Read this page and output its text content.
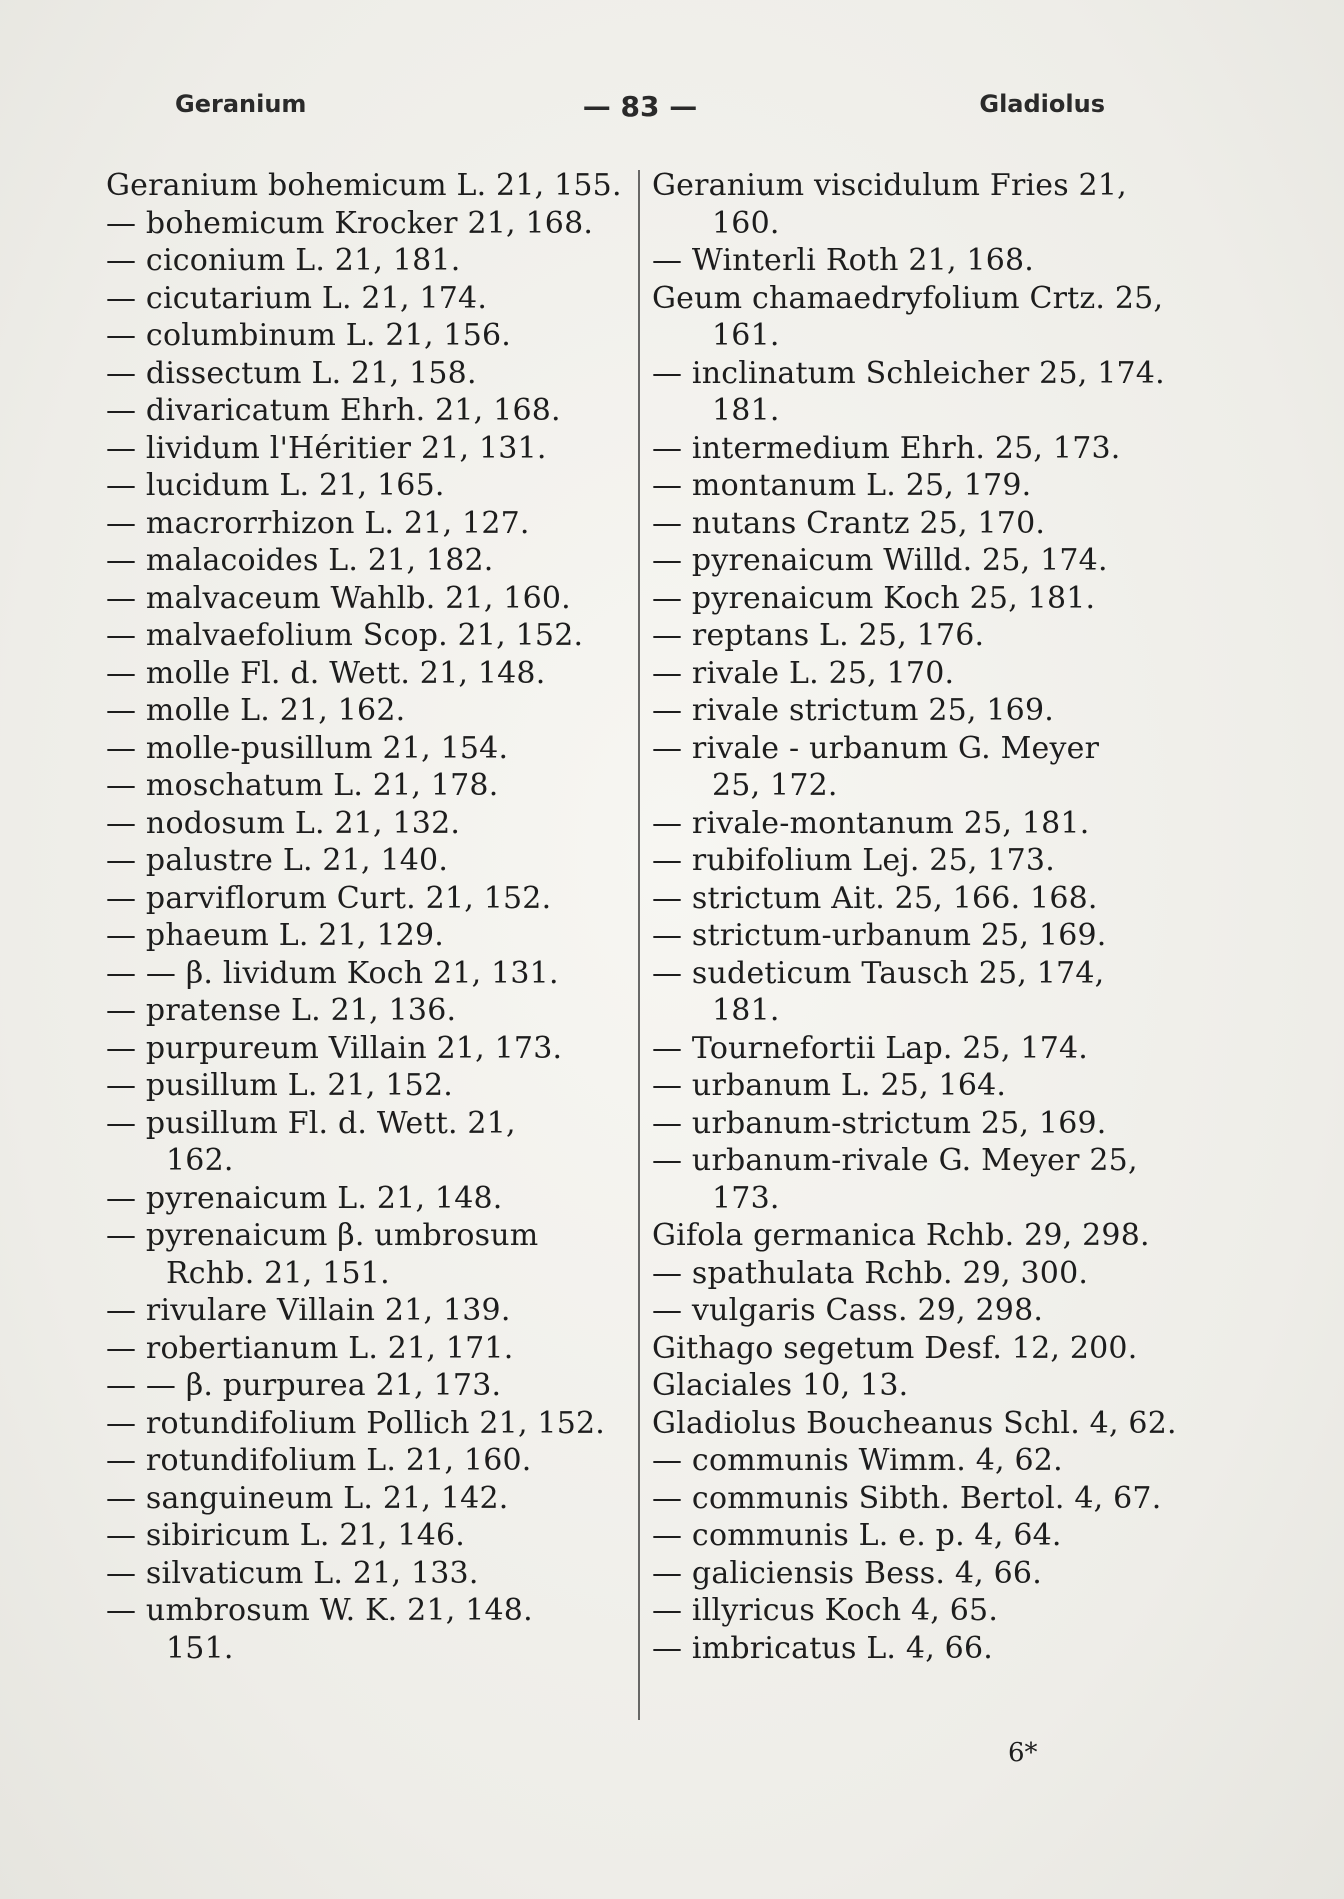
Geranium	— 83 —	Gladiolus
Geranium bohemicum L. 21, 155.
— bohemicum Krocker 21, 168.
— ciconium L. 21, 181.
— cicutarium L. 21, 174.
— columbinum L. 21, 156.
— dissectum L. 21, 158.
— divaricatum Ehrh. 21, 168.
— lividum l'Héritier 21, 131.
— lucidum L. 21, 165.
— macrorrhizon L. 21, 127.
— malacoides L. 21, 182.
— malvaceum Wahlb. 21, 160.
— malvaefolium Scop. 21, 152.
— molle Fl. d. Wett. 21, 148.
— molle L. 21, 162.
— molle-pusillum 21, 154.
— moschatum L. 21, 178.
— nodosum L. 21, 132.
— palustre L. 21, 140.
— parviflorum Curt. 21, 152.
— phaeum L. 21, 129.
— — β. lividum Koch 21, 131.
— pratense L. 21, 136.
— purpureum Villain 21, 173.
— pusillum L. 21, 152.
— pusillum Fl. d. Wett. 21,
162.
— pyrenaicum L. 21, 148.
— pyrenaicum β. umbrosum
Rchb. 21, 151.
— rivulare Villain 21, 139.
— robertianum L. 21, 171.
— — β. purpurea 21, 173.
— rotundifolium Pollich 21, 152.
— rotundifolium L. 21, 160.
— sanguineum L. 21, 142.
— sibiricum L. 21, 146.
— silvaticum L. 21, 133.
— umbrosum W. K. 21, 148.
151.
Geranium viscidulum Fries 21,
160.
— Winterli Roth 21, 168.
Geum chamaedryfolium Crtz. 25,
161.
— inclinatum Schleicher 25, 174.
181.
— intermedium Ehrh. 25, 173.
— montanum L. 25, 179.
— nutans Crantz 25, 170.
— pyrenaicum Willd. 25, 174.
— pyrenaicum Koch 25, 181.
— reptans L. 25, 176.
— rivale L. 25, 170.
— rivale strictum 25, 169.
— rivale - urbanum G. Meyer
25, 172.
— rivale-montanum 25, 181.
— rubifolium Lej. 25, 173.
— strictum Ait. 25, 166. 168.
— strictum-urbanum 25, 169.
— sudeticum Tausch 25, 174,
181.
— Tournefortii Lap. 25, 174.
— urbanum L. 25, 164.
— urbanum-strictum 25, 169.
— urbanum-rivale G. Meyer 25,
173.
Gifola germanica Rchb. 29, 298.
— spathulata Rchb. 29, 300.
— vulgaris Cass. 29, 298.
Githago segetum Desf. 12, 200.
Glaciales 10, 13.
Gladiolus Boucheanus Schl. 4, 62.
— communis Wimm. 4, 62.
— communis Sibth. Bertol. 4, 67.
— communis L. e. p. 4, 64.
— galiciensis Bess. 4, 66.
— illyricus Koch 4, 65.
— imbricatus L. 4, 66.
6*
